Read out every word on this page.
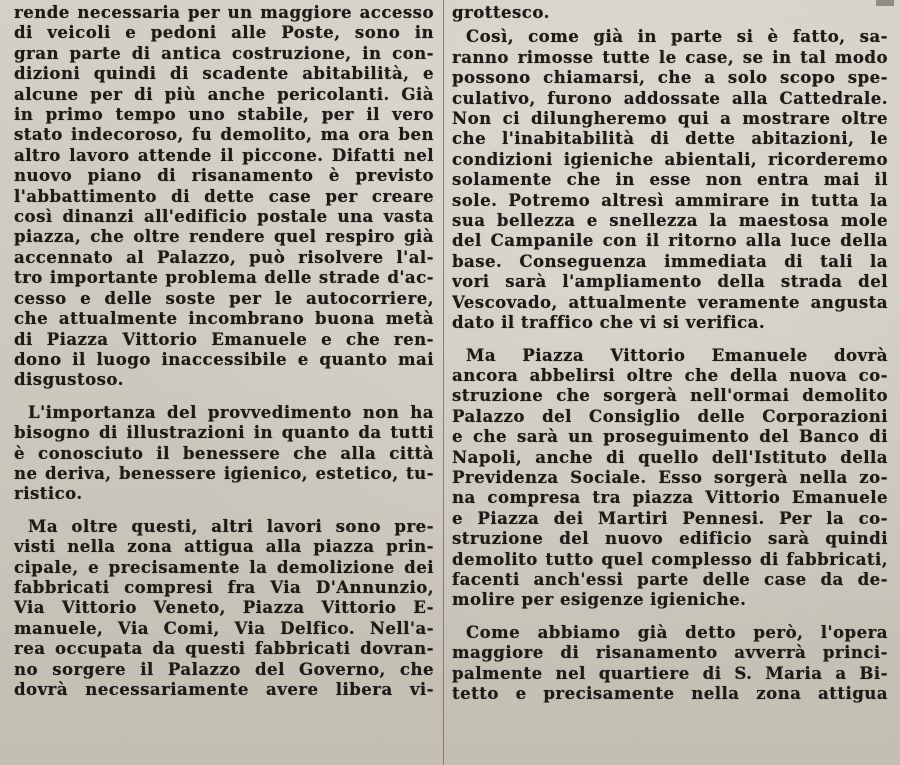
rende necessaria per un maggiore accesso
di veicoli e pedoni alle Poste, sono in
gran parte di antica costruzione, in con-
dizioni quindi di scadente abitabilità, e
alcune per di più anche pericolanti. Già
in primo tempo uno stabile, per il vero
stato indecoroso, fu demolito, ma ora ben
altro lavoro attende il piccone. Difatti nel
nuovo piano di risanamento è previsto
l'abbattimento di dette case per creare
così dinanzi all'edificio postale una vasta
piazza, che oltre rendere quel respiro già
accennato al Palazzo, può risolvere l'al-
tro importante problema delle strade d'ac-
cesso e delle soste per le autocorriere,
che attualmente incombrano buona metà
di Piazza Vittorio Emanuele e che ren-
dono il luogo inaccessibile e quanto mai
disgustoso.
L'importanza del provvedimento non ha
bisogno di illustrazioni in quanto da tutti
è conosciuto il benessere che alla città
ne deriva, benessere igienico, estetico, tu-
ristico.
Ma oltre questi, altri lavori sono pre-
visti nella zona attigua alla piazza prin-
cipale, e precisamente la demolizione dei
fabbricati compresi fra Via D'Annunzio,
Via Vittorio Veneto, Piazza Vittorio E-
manuele, Via Comi, Via Delfico. Nell'a-
rea occupata da questi fabbricati dovran-
no sorgere il Palazzo del Governo, che
dovrà necessariamente avere libera vi-
grottesco.
Così, come già in parte si è fatto, sa-
ranno rimosse tutte le case, se in tal modo
possono chiamarsi, che a solo scopo spe-
culativo, furono addossate alla Cattedrale.
Non ci dilungheremo qui a mostrare oltre
che l'inabitabilità di dette abitazioni, le
condizioni igieniche abientali, ricorderemo
solamente che in esse non entra mai il
sole. Potremo altresì ammirare in tutta la
sua bellezza e snellezza la maestosa mole
del Campanile con il ritorno alla luce della
base. Conseguenza immediata di tali la
vori sarà l'ampliamento della strada del
Vescovado, attualmente veramente angusta
dato il traffico che vi si verifica.
Ma Piazza Vittorio Emanuele dovrà
ancora abbelirsi oltre che della nuova co-
struzione che sorgerà nell'ormai demolito
Palazzo del Consiglio delle Corporazioni
e che sarà un proseguimento del Banco di
Napoli, anche di quello dell'Istituto della
Previdenza Sociale. Esso sorgerà nella zo-
na compresa tra piazza Vittorio Emanuele
e Piazza dei Martiri Pennesi. Per la co-
struzione del nuovo edificio sarà quindi
demolito tutto quel complesso di fabbricati,
facenti anch'essi parte delle case da de-
molire per esigenze igieniche.
Come abbiamo già detto però, l'opera
maggiore di risanamento avverrà princi-
palmente nel quartiere di S. Maria a Bi-
tetto e precisamente nella zona attigua
